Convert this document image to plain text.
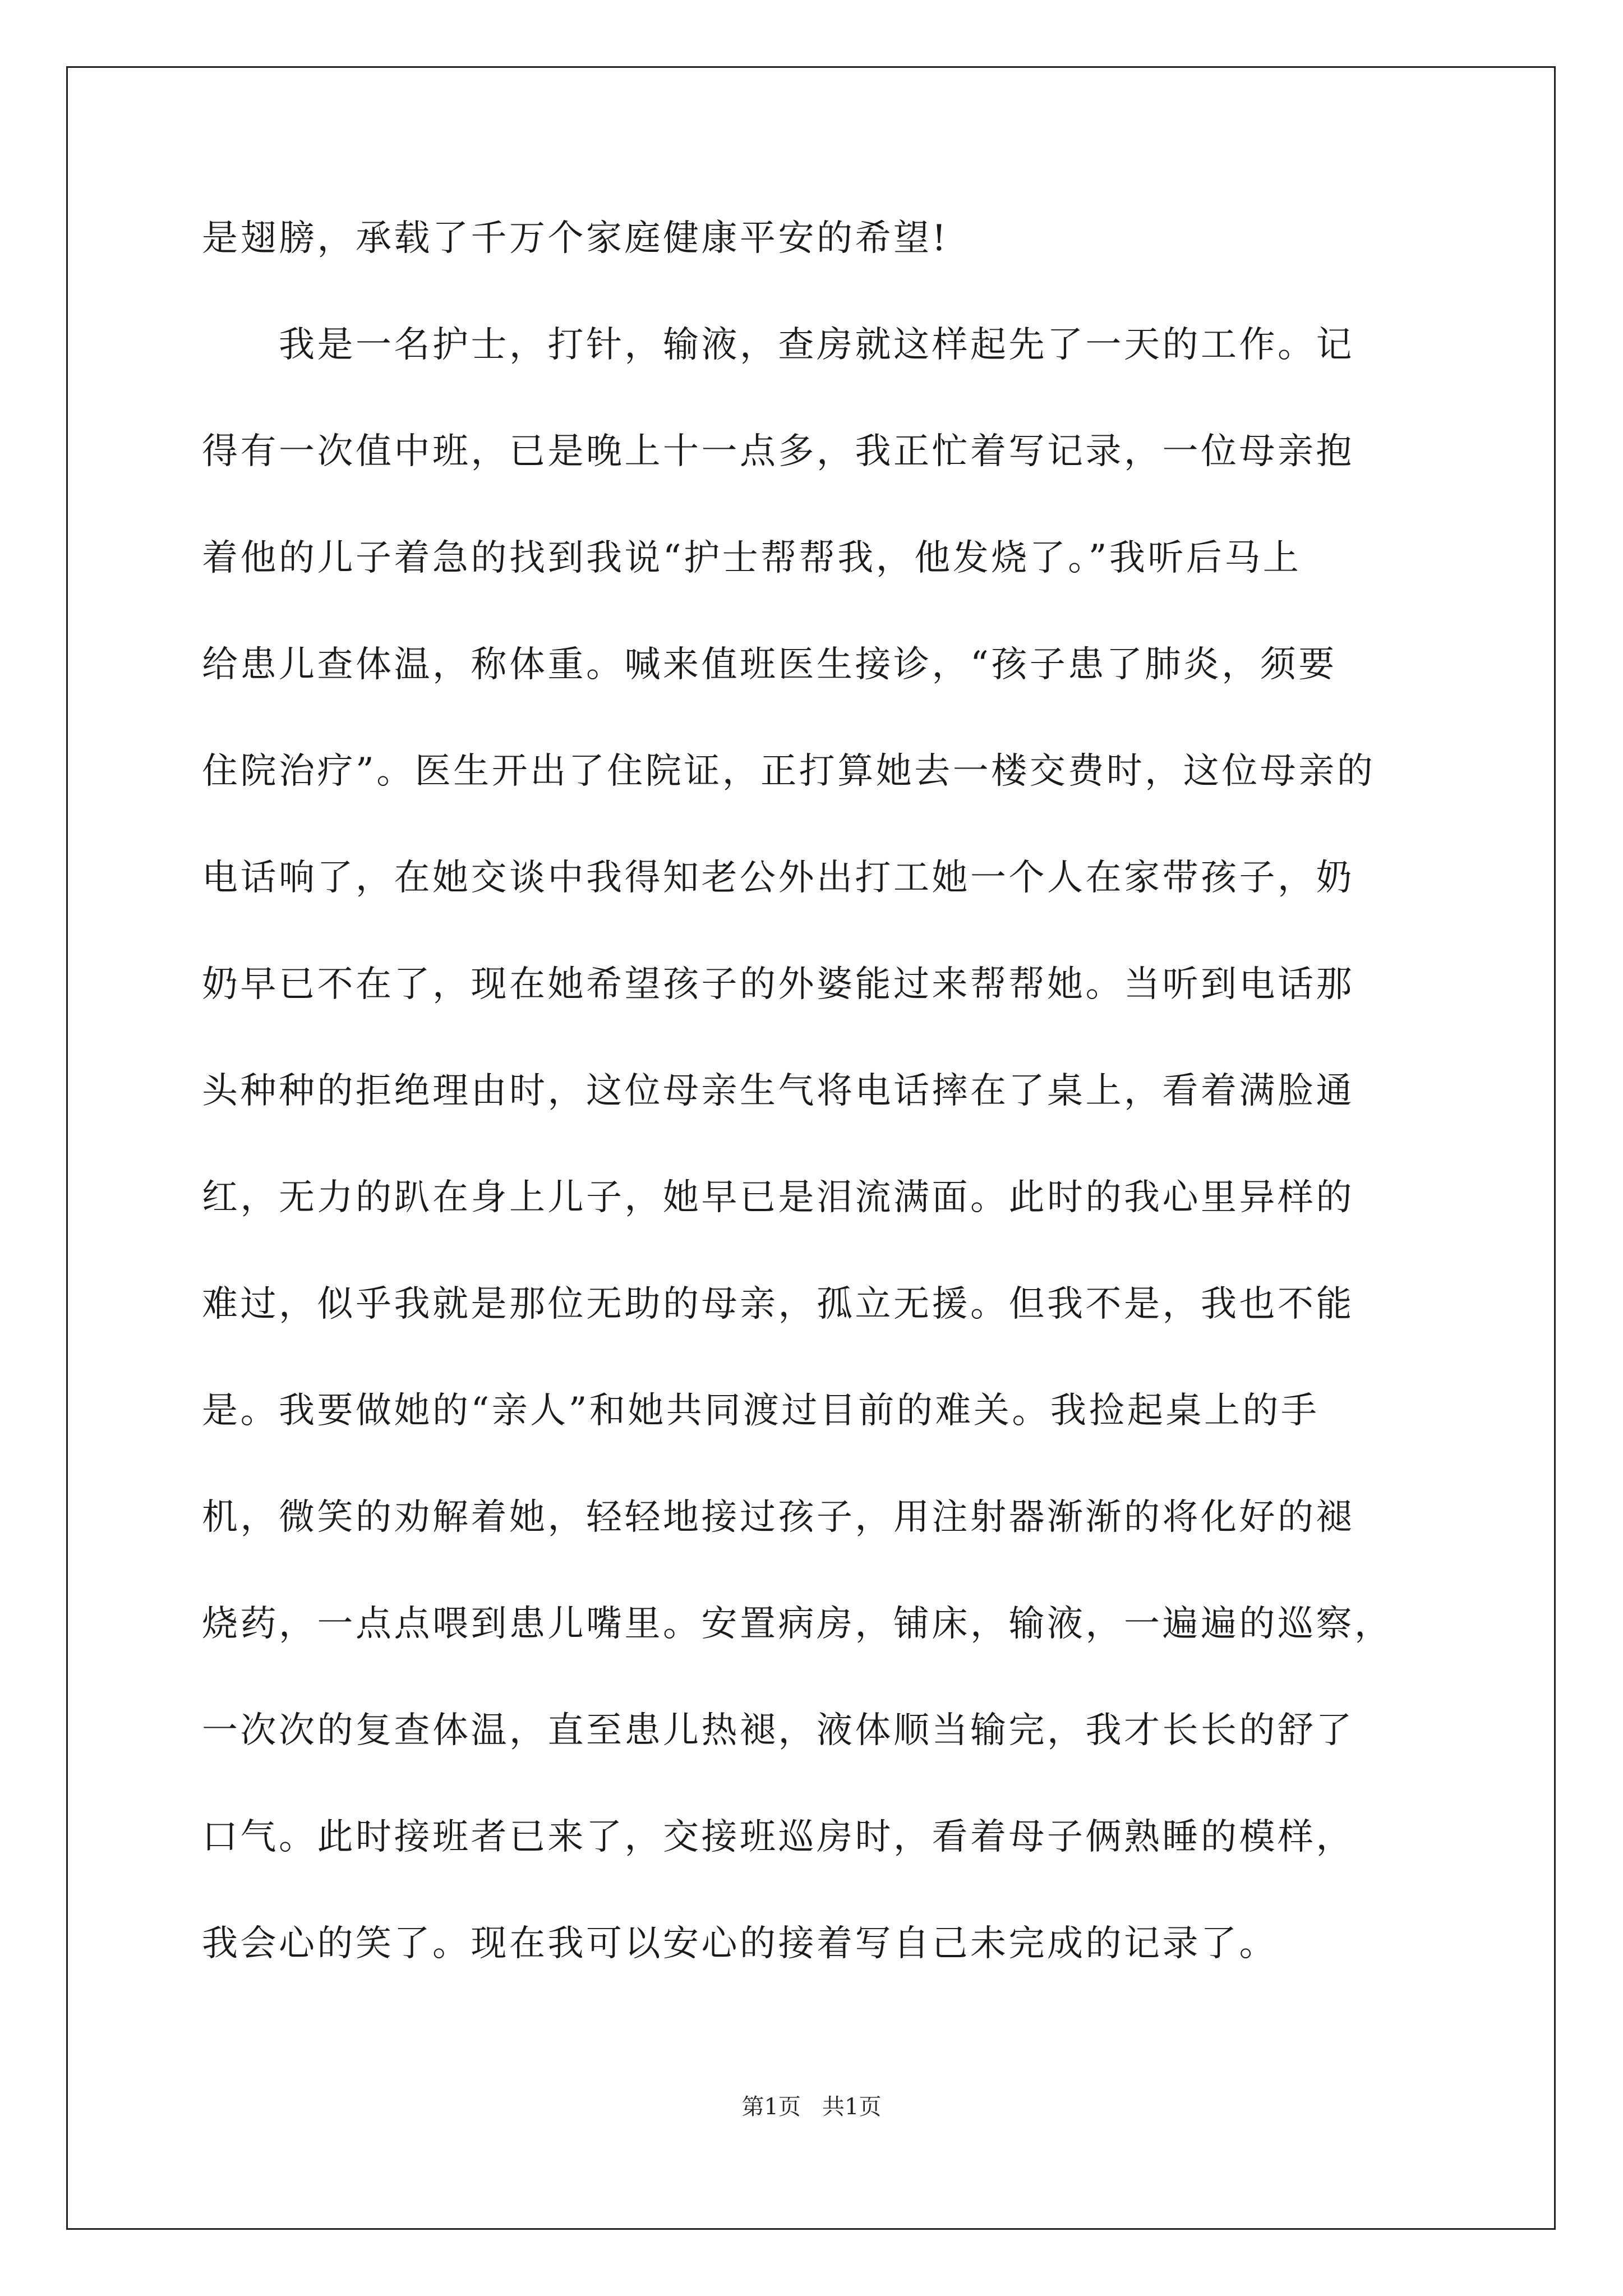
是翅膀，承载了千万个家庭健康平安的希望!
　　我是一名护士，打针，输液，查房就这样起先了一天的工作。记
得有一次值中班，已是晚上十一点多，我正忙着写记录，一位母亲抱
着他的儿子着急的找到我说“护士帮帮我，他发烧了。”我听后马上
给患儿查体温，称体重。喊来值班医生接诊，“孩子患了肺炎，须要
住院治疗”。医生开出了住院证，正打算她去一楼交费时，这位母亲的
电话响了，在她交谈中我得知老公外出打工她一个人在家带孩子，奶
奶早已不在了，现在她希望孩子的外婆能过来帮帮她。当听到电话那
头种种的拒绝理由时，这位母亲生气将电话摔在了桌上，看着满脸通
红，无力的趴在身上儿子，她早已是泪流满面。此时的我心里异样的
难过，似乎我就是那位无助的母亲，孤立无援。但我不是，我也不能
是。我要做她的“亲人”和她共同渡过目前的难关。我捡起桌上的手
机，微笑的劝解着她，轻轻地接过孩子，用注射器渐渐的将化好的褪
烧药，一点点喂到患儿嘴里。安置病房，铺床，输液，一遍遍的巡察，
一次次的复查体温，直至患儿热褪，液体顺当输完，我才长长的舒了
口气。此时接班者已来了，交接班巡房时，看着母子俩熟睡的模样，
我会心的笑了。现在我可以安心的接着写自己未完成的记录了。
第1页   共1页
